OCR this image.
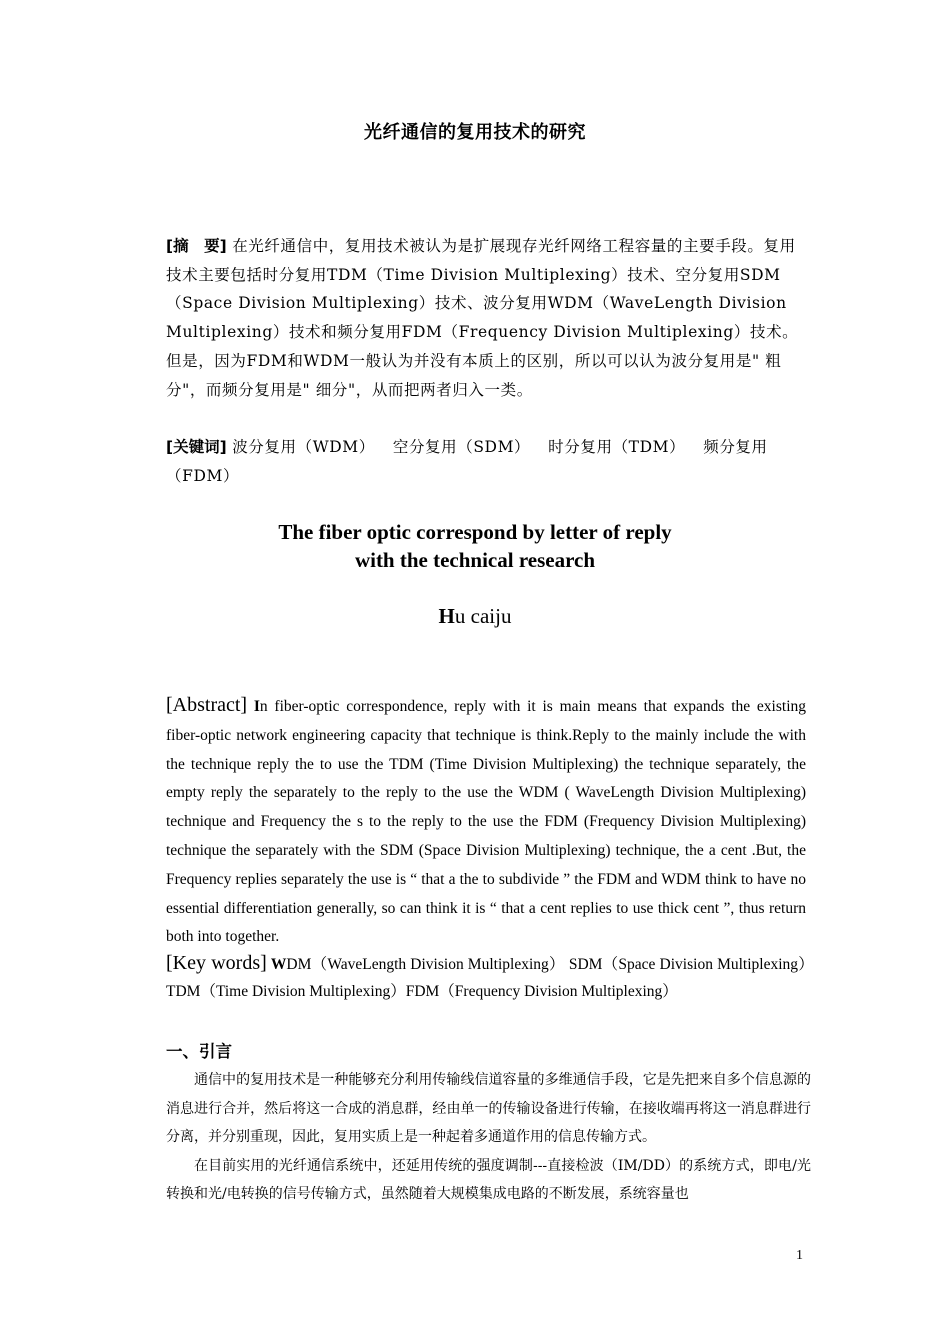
光纤通信的复用技术的研究
[摘　要] 在光纤通信中，复用技术被认为是扩展现存光纤网络工程容量的主要手段。复用技术主要包括时分复用TDM（Time Division Multiplexing）技术、空分复用SDM（Space Division Multiplexing）技术、波分复用WDM（WaveLength Division Multiplexing）技术和频分复用FDM（Frequency Division Multiplexing）技术。但是，因为FDM和WDM一般认为并没有本质上的区别，所以可以认为波分复用是" 粗分"，而频分复用是" 细分"，从而把两者归入一类。
[关键词] 波分复用（WDM） 空分复用（SDM） 时分复用（TDM） 频分复用（FDM）
The fiber optic correspond by letter of reply
with the technical research
Hu caiju
[Abstract] In fiber-optic correspondence, reply with it is main means that expands the existing fiber-optic network engineering capacity that technique is think.Reply to the mainly include the with the technique reply the to use the TDM (Time Division Multiplexing) the technique separately, the empty reply the separately to the reply to the use the WDM ( WaveLength Division Multiplexing) technique and Frequency the s to the reply to the use the FDM (Frequency Division Multiplexing) technique the separately with the SDM (Space Division Multiplexing) technique, the a cent .But, the Frequency replies separately the use is “ that a the to subdivide ” the FDM and WDM think to have no essential differentiation generally, so can think it is “ that a cent replies to use thick cent ”, thus return both into together.
[Key words] WDM（WaveLength Division Multiplexing） SDM（Space Division Multiplexing）TDM（Time Division Multiplexing）FDM（Frequency Division Multiplexing）
一、引言

通信中的复用技术是一种能够充分利用传输线信道容量的多维通信手段，它是先把来自多个信息源的消息进行合并，然后将这一合成的消息群，经由单一的传输设备进行传输，在接收端再将这一消息群进行分离，并分别重现，因此，复用实质上是一种起着多通道作用的信息传输方式。

在目前实用的光纤通信系统中，还延用传统的强度调制---直接检波（IM/DD）的系统方式，即电/光转换和光/电转换的信号传输方式，虽然随着大规模集成电路的不断发展，系统容量也

1
